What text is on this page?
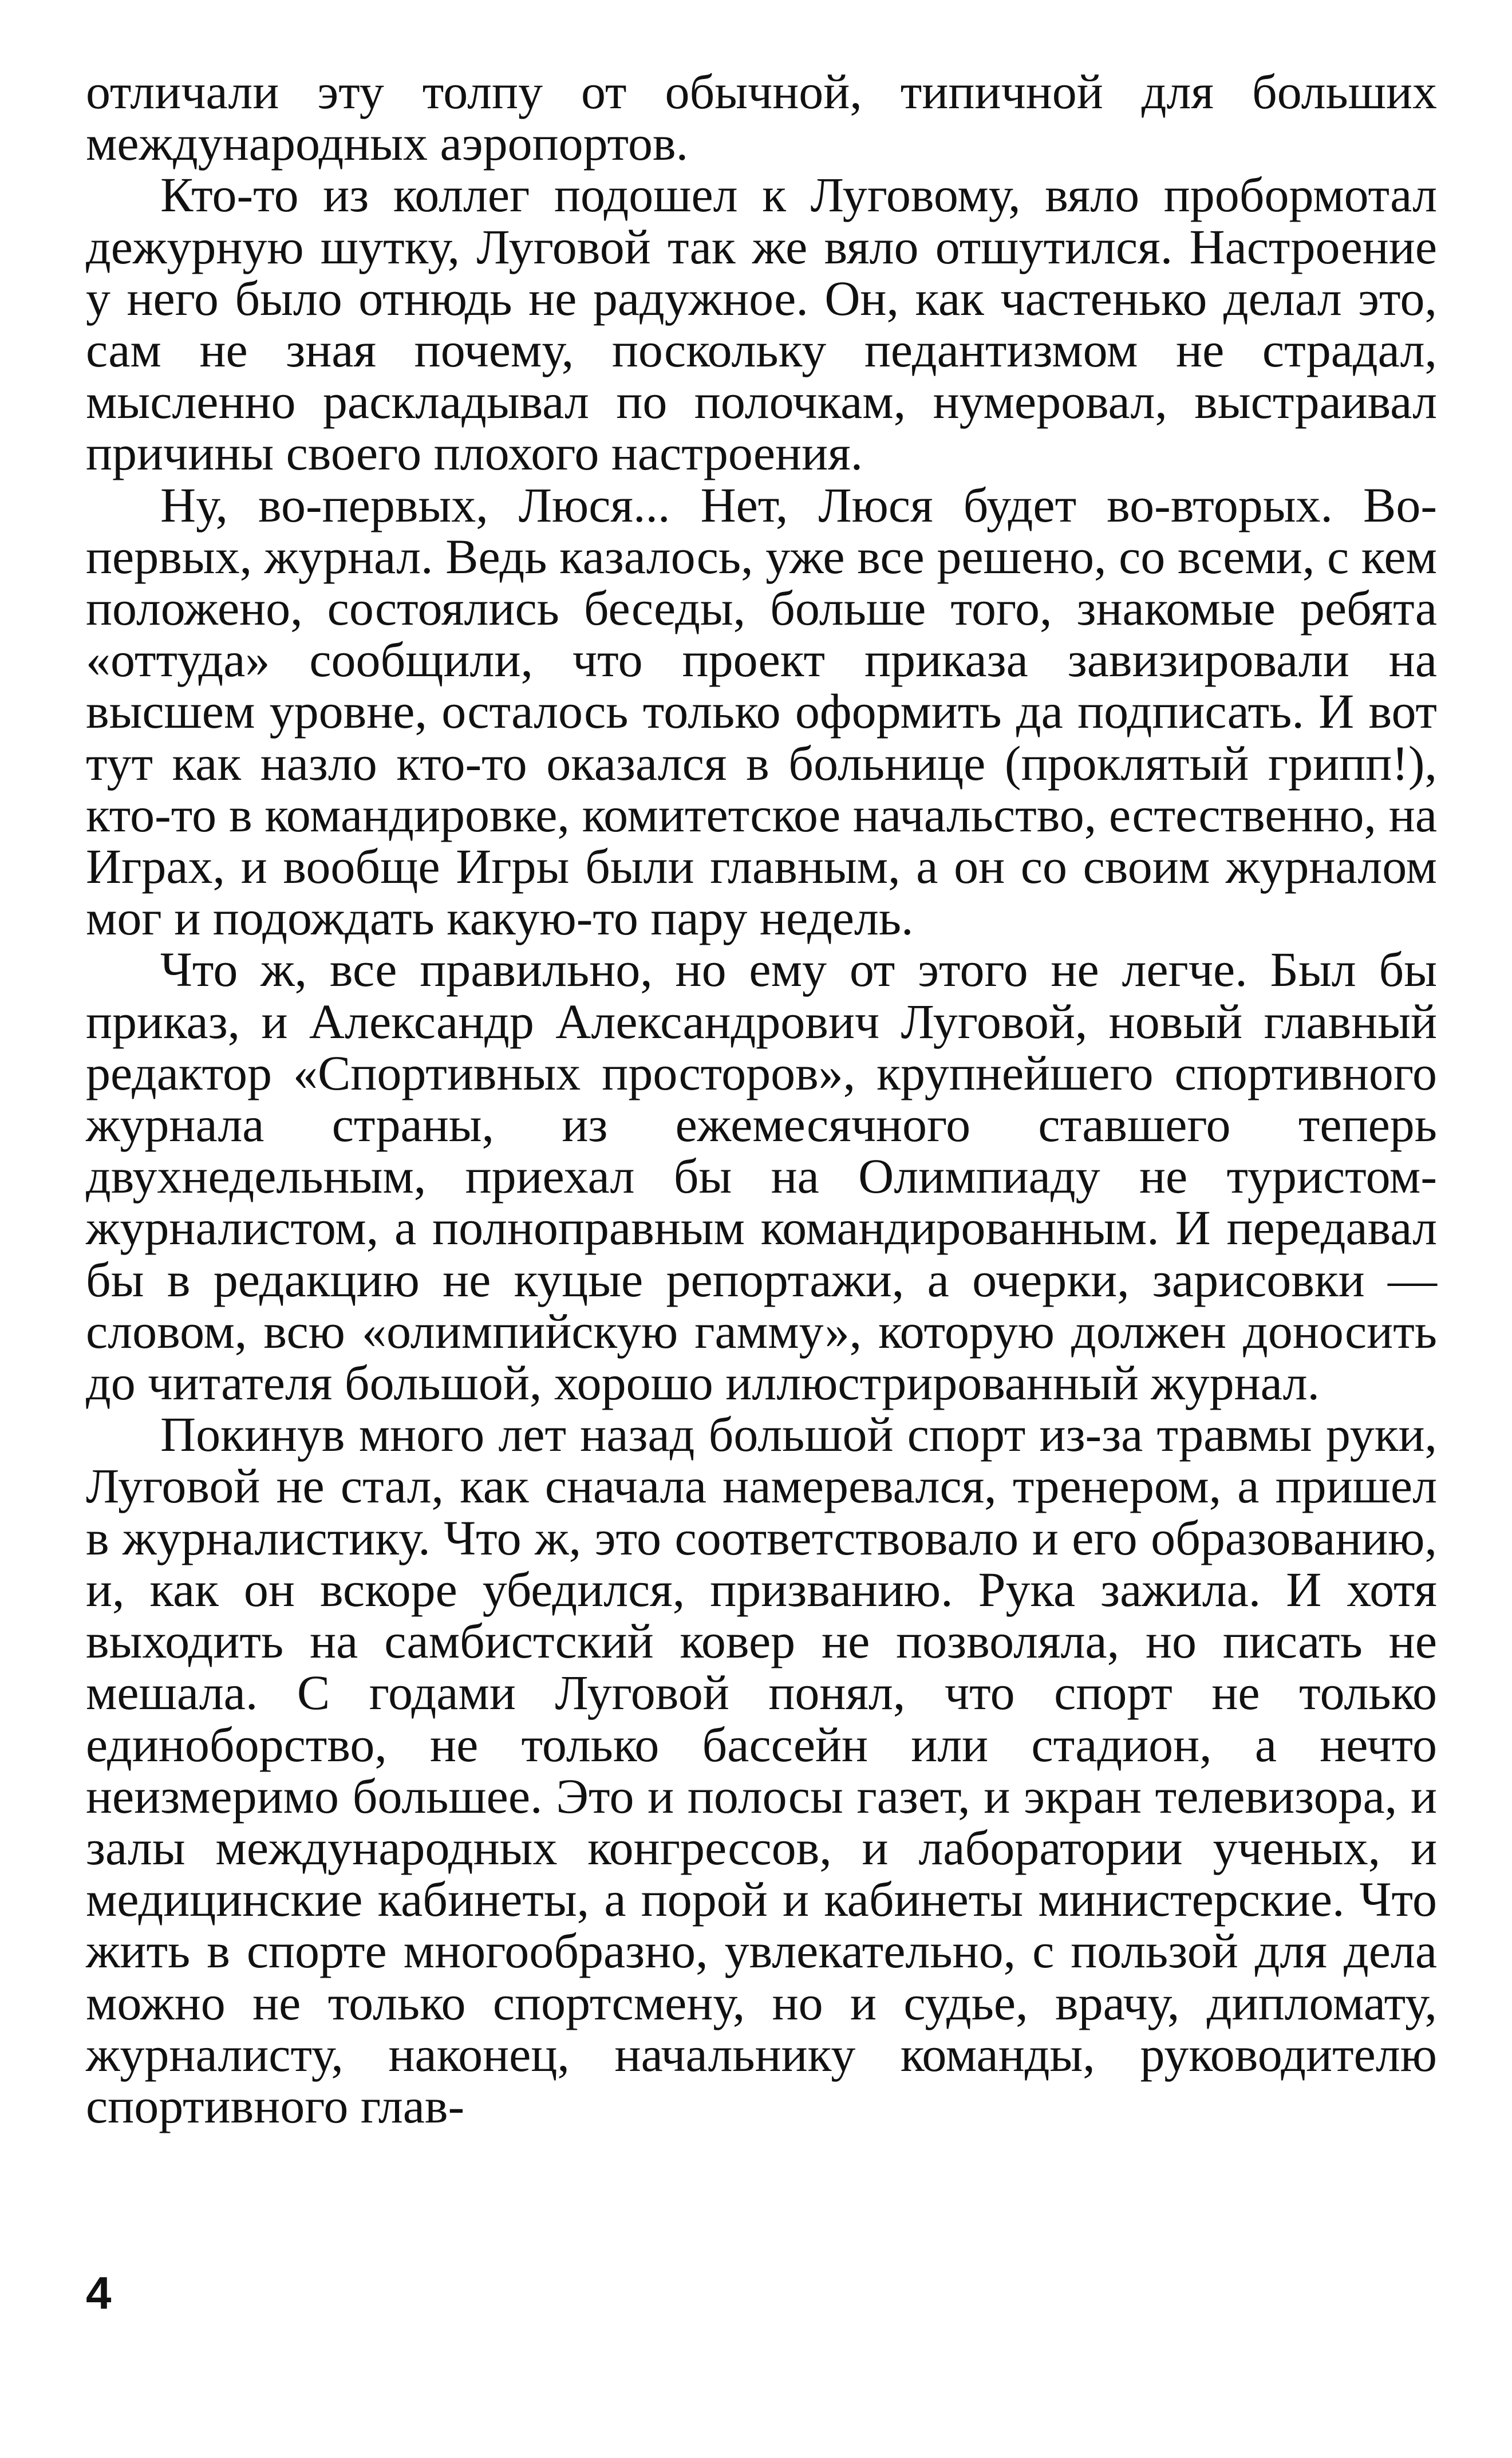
отличали эту толпу от обычной, типичной для больших международных аэропортов.

Кто-то из коллег подошел к Луговому, вяло пробормотал дежурную шутку, Луговой так же вяло отшутился. Настроение у него было отнюдь не радужное. Он, как частенько делал это, сам не зная почему, поскольку педантизмом не страдал, мысленно раскладывал по полочкам, нумеровал, выстраивал причины своего плохого настроения.

Ну, во-первых, Люся... Нет, Люся будет во-вторых. Во-первых, журнал. Ведь казалось, уже все решено, со всеми, с кем положено, состоялись беседы, больше того, знакомые ребята «оттуда» сообщили, что проект приказа завизировали на высшем уровне, осталось только оформить да подписать. И вот тут как назло кто-то оказался в больнице (проклятый грипп!), кто-то в командировке, комитетское начальство, естественно, на Играх, и вообще Игры были главным, а он со своим журналом мог и подождать какую-то пару недель.

Что ж, все правильно, но ему от этого не легче. Был бы приказ, и Александр Александрович Луговой, новый главный редактор «Спортивных просторов», крупнейшего спортивного журнала страны, из ежемесячного ставшего теперь двухнедельным, приехал бы на Олимпиаду не туристом-журналистом, а полноправным командированным. И передавал бы в редакцию не куцые репортажи, а очерки, зарисовки — словом, всю «олимпийскую гамму», которую должен доносить до читателя большой, хорошо иллюстрированный журнал.

Покинув много лет назад большой спорт из-за травмы руки, Луговой не стал, как сначала намеревался, тренером, а пришел в журналистику. Что ж, это соответствовало и его образованию, и, как он вскоре убедился, призванию. Рука зажила. И хотя выходить на самбистский ковер не позволяла, но писать не мешала. С годами Луговой понял, что спорт не только единоборство, не только бассейн или стадион, а нечто неизмеримо большее. Это и полосы газет, и экран телевизора, и залы международных конгрессов, и лаборатории ученых, и медицинские кабинеты, а порой и кабинеты министерские. Что жить в спорте многообразно, увлекательно, с пользой для дела можно не только спортсмену, но и судье, врачу, дипломату, журналисту, наконец, начальнику команды, руководителю спортивного глав-

4
